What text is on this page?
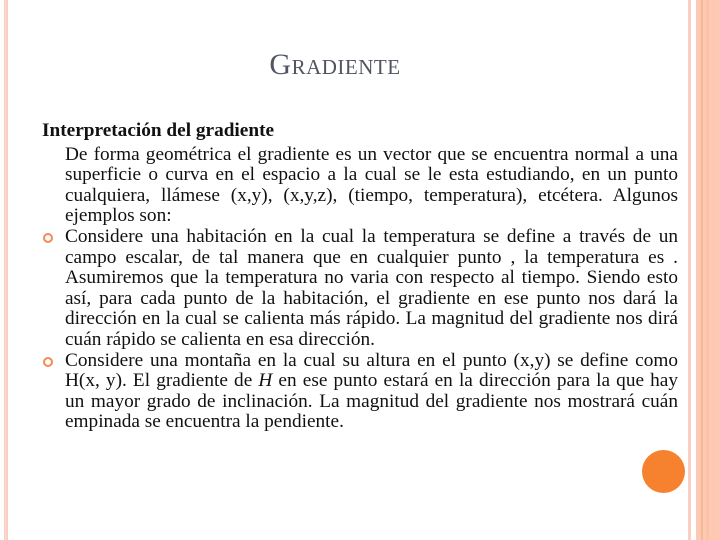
Gradiente
Interpretación del gradiente
De forma geométrica el gradiente es un vector que se encuentra normal a una superficie o curva en el espacio a la cual se le esta estudiando, en un punto cualquiera, llámese (x,y), (x,y,z), (tiempo, temperatura), etcétera. Algunos ejemplos son:
Considere una habitación en la cual la temperatura se define a través de un campo escalar, de tal manera que en cualquier punto , la temperatura es . Asumiremos que la temperatura no varia con respecto al tiempo. Siendo esto así, para cada punto de la habitación, el gradiente en ese punto nos dará la dirección en la cual se calienta más rápido. La magnitud del gradiente nos dirá cuán rápido se calienta en esa dirección.
Considere una montaña en la cual su altura en el punto (x,y) se define como H(x, y). El gradiente de H en ese punto estará en la dirección para la que hay un mayor grado de inclinación. La magnitud del gradiente nos mostrará cuán empinada se encuentra la pendiente.
